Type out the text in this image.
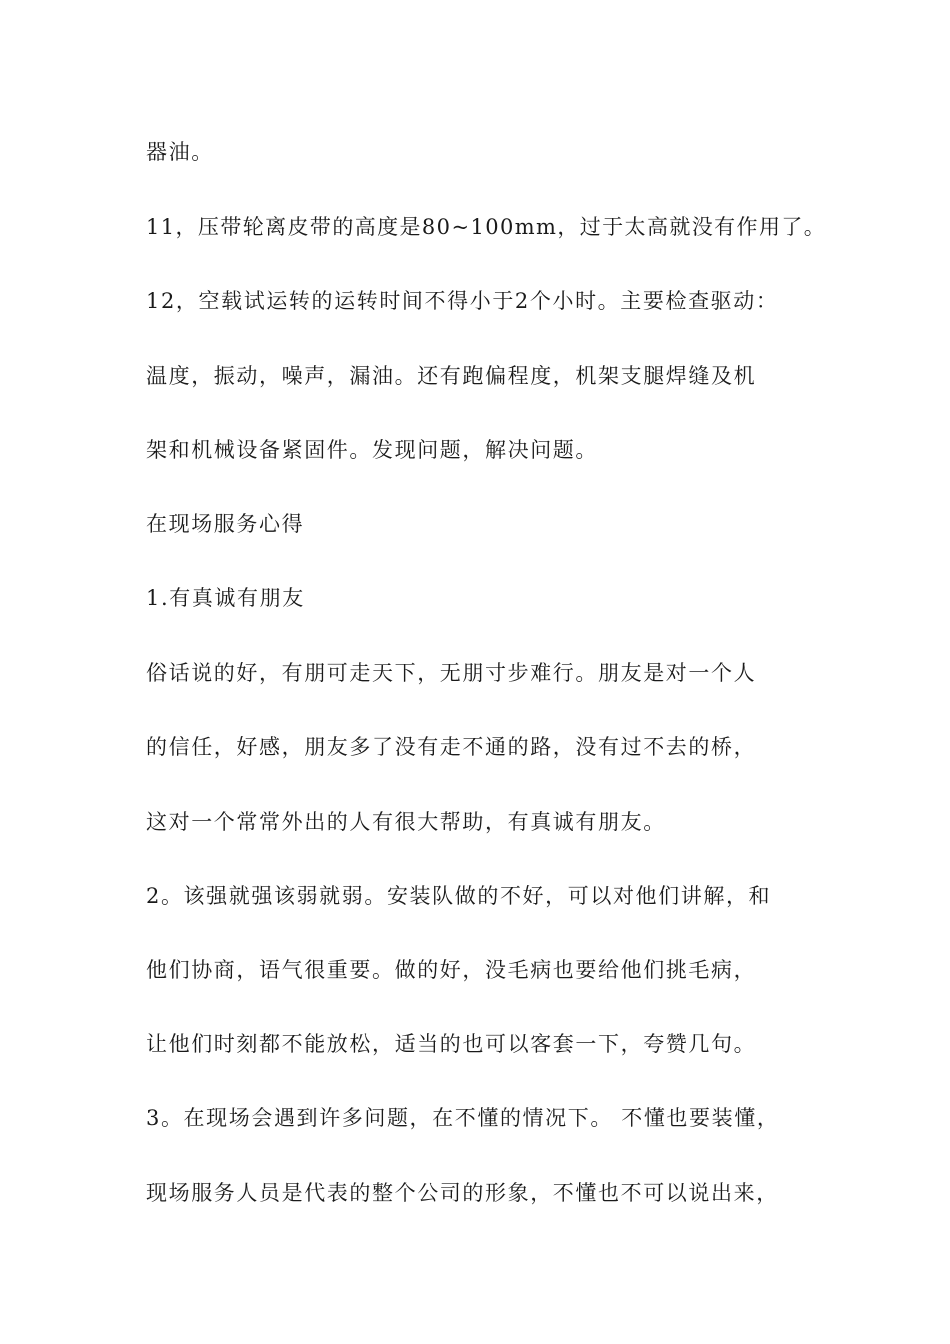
器油。
11，压带轮离皮带的高度是80~100mm，过于太高就没有作用了。
12，空载试运转的运转时间不得小于2个小时。主要检查驱动：
温度，振动，噪声，漏油。还有跑偏程度，机架支腿焊缝及机
架和机械设备紧固件。发现问题，解决问题。
在现场服务心得
1.有真诚有朋友
俗话说的好，有朋可走天下，无朋寸步难行。朋友是对一个人
的信任，好感，朋友多了没有走不通的路，没有过不去的桥，
这对一个常常外出的人有很大帮助，有真诚有朋友。
2。该强就强该弱就弱。安装队做的不好，可以对他们讲解，和
他们协商，语气很重要。做的好，没毛病也要给他们挑毛病，
让他们时刻都不能放松，适当的也可以客套一下，夸赞几句。
3。在现场会遇到许多问题，在不懂的情况下。 不懂也要装懂，
现场服务人员是代表的整个公司的形象，不懂也不可以说出来，
